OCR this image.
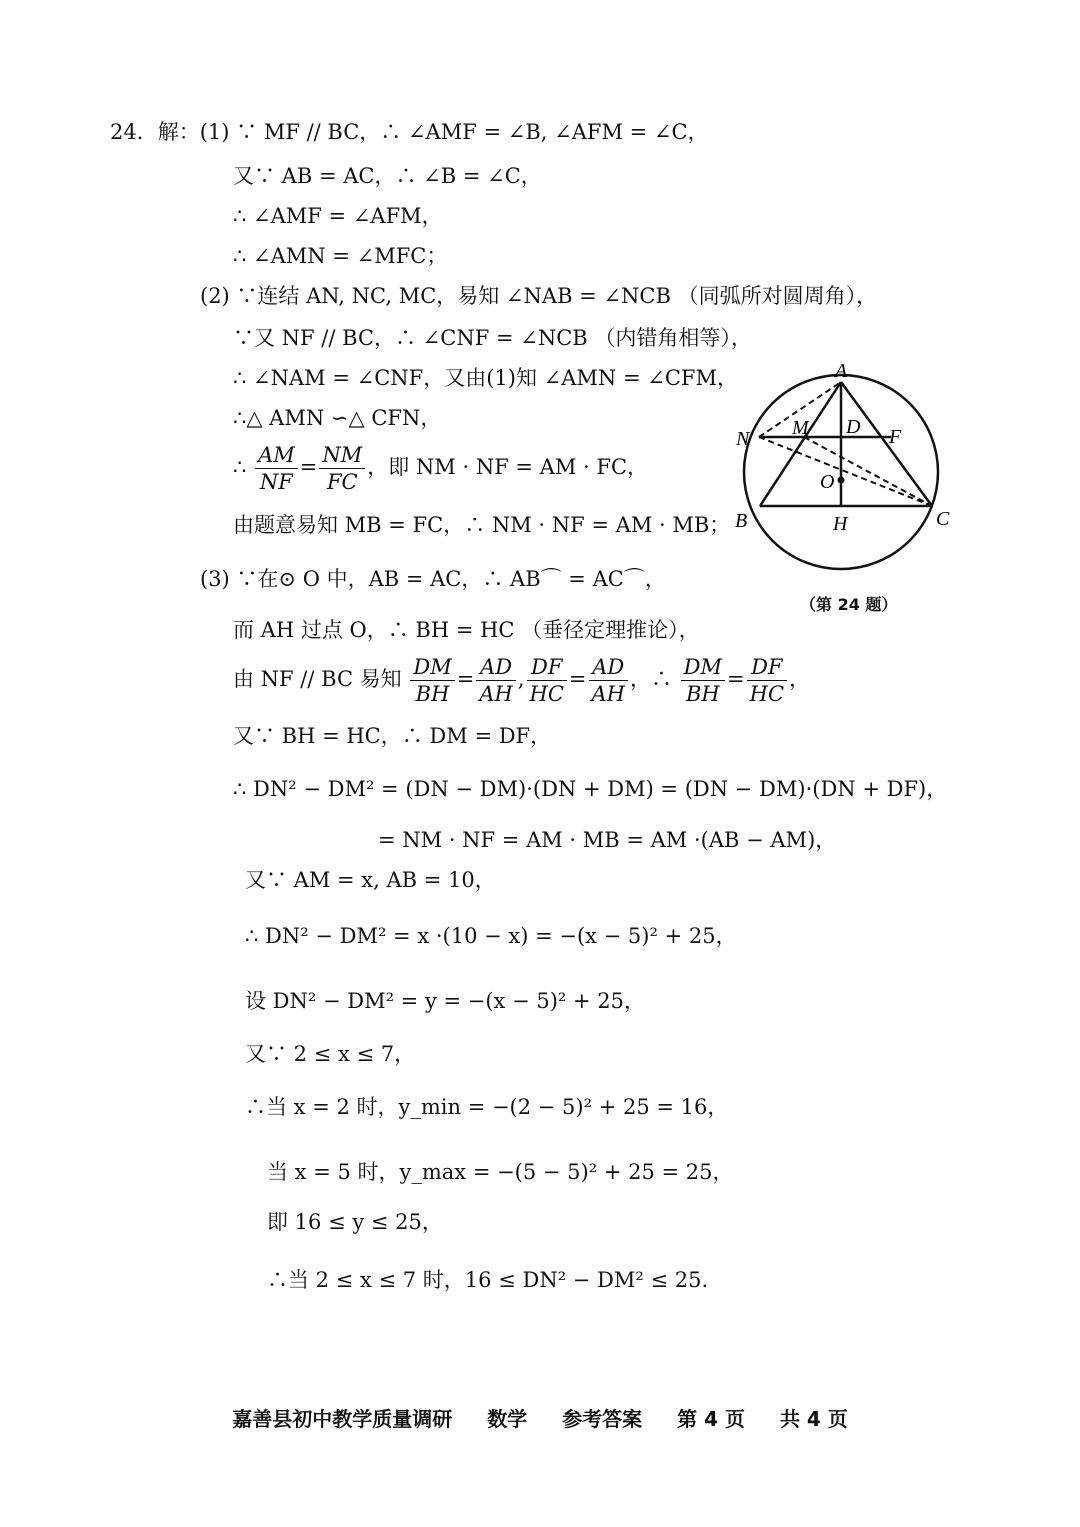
24．解：(1) ∵ MF // BC，∴ ∠AMF = ∠B, ∠AFM = ∠C，
又∵ AB = AC，∴ ∠B = ∠C，
∴ ∠AMF = ∠AFM，
∴ ∠AMN = ∠MFC；
(2) ∵连结 AN, NC, MC，易知 ∠NAB = ∠NCB （同弧所对圆周角），
∵又 NF // BC，∴ ∠CNF = ∠NCB （内错角相等），
∴ ∠NAM = ∠CNF，又由(1)知 ∠AMN = ∠CFM，
∴△ AMN ∽△ CFN，
∴ $\frac{AM}{NF} = \frac{NM}{FC}$ ，即 NM · NF = AM · FC，
由题意易知 MB = FC，∴ NM · NF = AM · MB；
(3) ∵在⊙ O 中，AB = AC，∴ AB⌒ = AC⌒，
而 AH 过点 O，∴ BH = HC （垂径定理推论），
由 NF // BC 易知 $\frac{DM}{BH} = \frac{AD}{AH}$ , $\frac{DF}{HC} = \frac{AD}{AH}$ ，∴ $\frac{DM}{BH} = \frac{DF}{HC}$ ，
又∵ BH = HC，∴ DM = DF，
∴ DN² − DM² = (DN − DM)·(DN + DM) = (DN − DM)·(DN + DF)，
= NM · NF = AM · MB = AM ·(AB − AM)，
又∵ AM = x, AB = 10，
∴ DN² − DM² = x ·(10 − x) = −(x − 5)² + 25，
设 DN² − DM² = y = −(x − 5)² + 25，
又∵ 2 ≤ x ≤ 7，
∴当 x = 2 时，y_min = −(2 − 5)² + 25 = 16，
当 x = 5 时，y_max = −(5 − 5)² + 25 = 25，
即 16 ≤ y ≤ 25，
∴当 2 ≤ x ≤ 7 时，16 ≤ DN² − DM² ≤ 25.
A
N M D F
O
B	H	C
（第 24 题）
嘉善县初中教学质量调研 数学 参考答案 第 4 页 共 4 页
